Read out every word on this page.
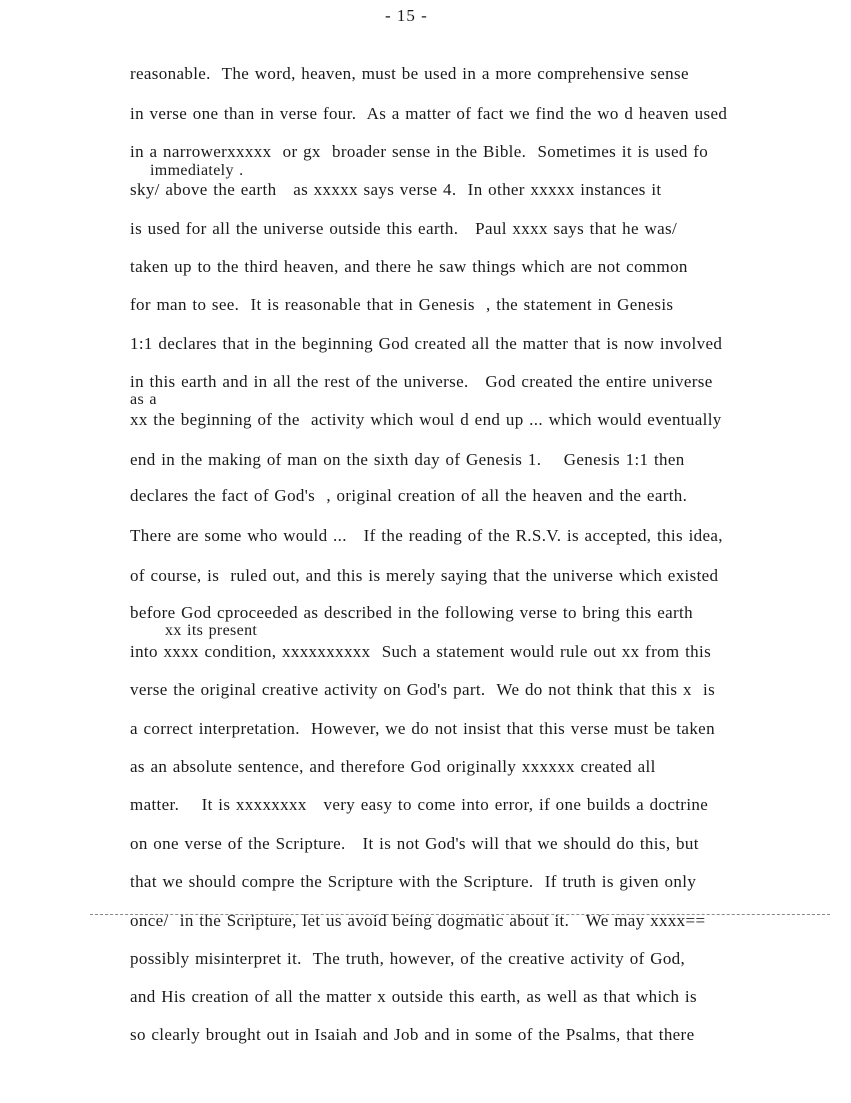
- 15 -
reasonable.  The word, heaven, must be used in a more comprehensive sense
in verse one than in verse four.  As a matter of fact we find the wo d heaven used
in a narrowerxxxxx  or gx  broader sense in the Bible.  Sometimes it is used fo
sky/ above the earth   as xxxxx says verse 4.  In other xxxxx instances it
is used for all the universe outside this earth.   Paul xxxx says that he was/
taken up to the third heaven, and there he saw things which are not common
for man to see.  It is reasonable that in Genesis  , the statement in Genesis
1:1 declares that in the beginning God created all the matter that is now involved
in this earth and in all the rest of the universe.   God created the entire universe
xx the beginning of the  activity which woul d end up ... which would eventually
end in the making of man on the sixth day of Genesis 1.    Genesis 1:1 then
declares the fact of God's  , original creation of all the heaven and the earth.
There are some who would ...   If the reading of the R.S.V. is accepted, this idea,
of course, is  ruled out, and this is merely saying that the universe which existed
before God cproceeded as described in the following verse to bring this earth
into xxxx condition, xxxxxxxxxx  Such a statement would rule out xx from this
verse the original creative activity on God's part.  We do not think that this x  is
a correct interpretation.  However, we do not insist that this verse must be taken
as an absolute sentence, and therefore God originally xxxxxx created all
matter.    It is xxxxxxxx   very easy to come into error, if one builds a doctrine
on one verse of the Scripture.   It is not God's will that we should do this, but
that we should compre the Scripture with the Scripture.  If truth is given only
once/  in the Scripture, let us avoid being dogmatic about it.   We may xxxx==
possibly misinterpret it.  The truth, however, of the creative activity of God,
and His creation of all the matter x outside this earth, as well as that which is
so clearly brought out in Isaiah and Job and in some of the Psalms, that there
immediately .
as a
xx its present
